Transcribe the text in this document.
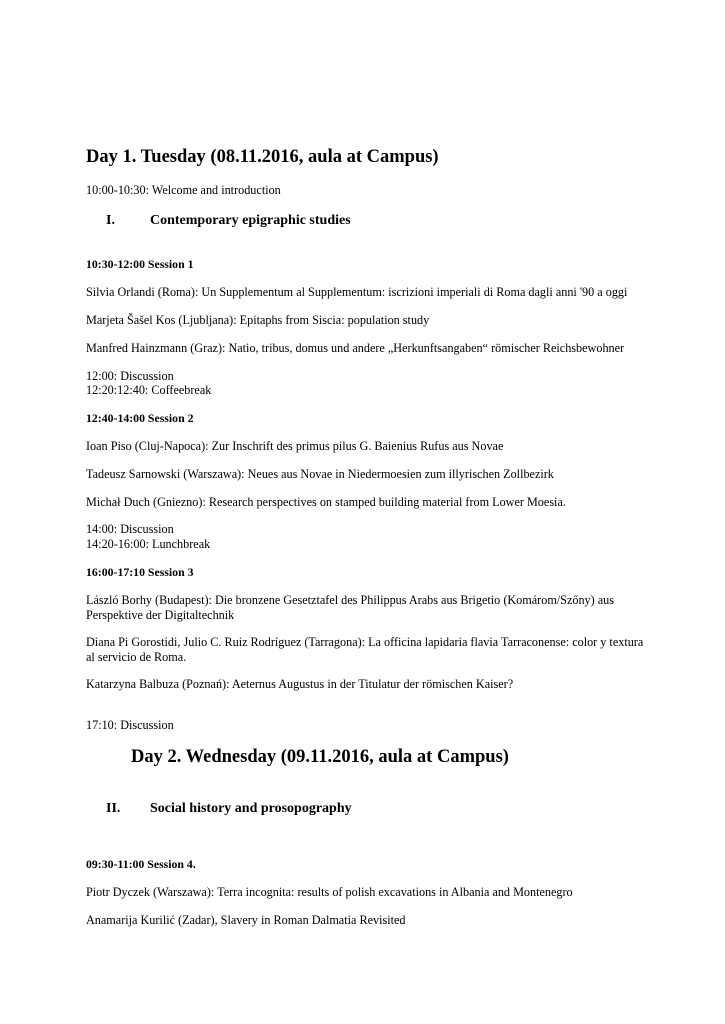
Day 1. Tuesday (08.11.2016, aula at Campus)

10:00-10:30: Welcome and introduction

I.	Contemporary epigraphic studies

10:30-12:00 Session 1

Silvia Orlandi (Roma): Un Supplementum al Supplementum: iscrizioni imperiali di Roma dagli anni '90 a oggi

Marjeta Šašel Kos (Ljubljana): Epitaphs from Siscia: population study

Manfred Hainzmann (Graz): Natio, tribus, domus und andere „Herkunftsangaben“ römischer Reichsbewohner

12:00: Discussion

12:20:12:40: Coffeebreak

12:40-14:00 Session 2

Ioan Piso (Cluj-Napoca): Zur Inschrift des primus pilus G. Baienius Rufus aus Novae

Tadeusz Sarnowski (Warszawa): Neues aus Novae in Niedermoesien zum illyrischen Zollbezirk

Michał Duch (Gniezno): Research perspectives on stamped building material from Lower Moesia.

14:00: Discussion

14:20-16:00: Lunchbreak

16:00-17:10 Session 3

László Borhy (Budapest): Die bronzene Gesetztafel des Philippus Arabs aus Brigetio (Komárom/Szőny) aus Perspektive der Digitaltechnik

Diana Pi Gorostidi, Julio C. Ruiz Rodríguez (Tarragona): La officina lapidaria flavia Tarraconense: color y textura al servicio de Roma.

Katarzyna Balbuza (Poznań): Aeternus Augustus in der Titulatur der römischen Kaiser?

17:10: Discussion

Day 2. Wednesday (09.11.2016, aula at Campus)
II. Social history and prosopography

09:30-11:00 Session 4.

Piotr Dyczek (Warszawa): Terra incognita: results of polish excavations in Albania and Montenegro

Anamarija Kurilić (Zadar), Slavery in Roman Dalmatia Revisited
